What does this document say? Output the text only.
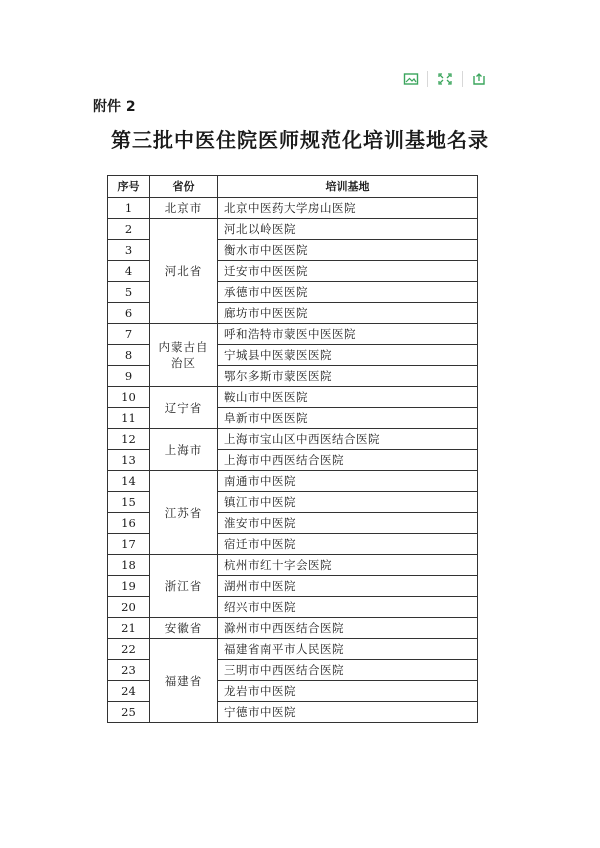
附件 2
第三批中医住院医师规范化培训基地名录
序号	省份	培训基地
1	北京市	北京中医药大学房山医院
2	河北省	河北以岭医院
3		衡水市中医医院
4		迁安市中医医院
5		承德市中医医院
6		廊坊市中医医院
7	内蒙古自治区	呼和浩特市蒙医中医医院
8		宁城县中医蒙医医院
9		鄂尔多斯市蒙医医院
10	辽宁省	鞍山市中医医院
11		阜新市中医医院
12	上海市	上海市宝山区中西医结合医院
13		上海市中西医结合医院
14	江苏省	南通市中医院
15		镇江市中医院
16		淮安市中医院
17		宿迁市中医院
18	浙江省	杭州市红十字会医院
19		湖州市中医院
20		绍兴市中医院
21	安徽省	滁州市中西医结合医院
22	福建省	福建省南平市人民医院
23		三明市中西医结合医院
24		龙岩市中医院
25		宁德市中医院
